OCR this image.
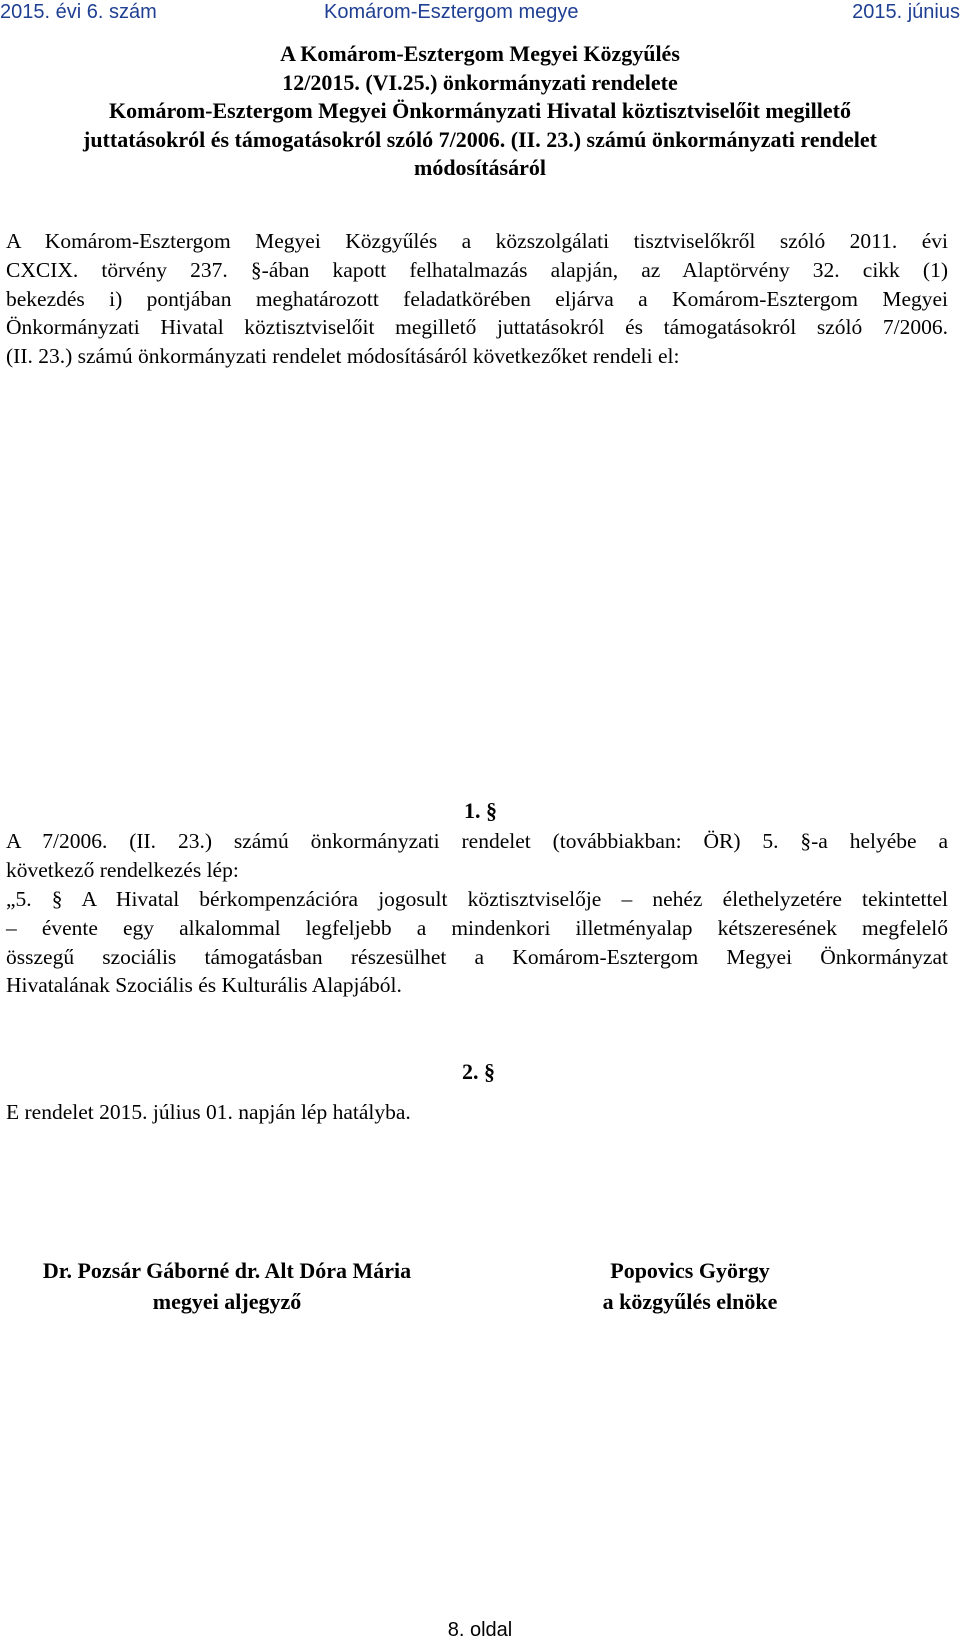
2015. évi 6. szám	Komárom-Esztergom megye	2015. június
A Komárom-Esztergom Megyei Közgyűlés
12/2015. (VI.25.) önkormányzati rendelete
Komárom-Esztergom Megyei Önkormányzati Hivatal köztisztviselőit megillető
juttatásokról és támogatásokról szóló 7/2006. (II. 23.) számú önkormányzati rendelet
módosításáról
A Komárom-Esztergom Megyei Közgyűlés a közszolgálati tisztviselőkről szóló 2011. évi
CXCIX. törvény 237. §-ában kapott felhatalmazás alapján, az Alaptörvény 32. cikk (1)
bekezdés i) pontjában meghatározott feladatkörében eljárva a Komárom-Esztergom Megyei
Önkormányzati Hivatal köztisztviselőit megillető juttatásokról és támogatásokról szóló 7/2006.
(II. 23.) számú önkormányzati rendelet módosításáról következőket rendeli el:
1. §
A 7/2006. (II. 23.) számú önkormányzati rendelet (továbbiakban: ÖR) 5. §-a helyébe a
következő rendelkezés lép:
„5. § A Hivatal bérkompenzációra jogosult köztisztviselője – nehéz élethelyzetére tekintettel
– évente egy alkalommal legfeljebb a mindenkori illetményalap kétszeresének megfelelő
összegű szociális támogatásban részesülhet a Komárom-Esztergom Megyei Önkormányzat
Hivatalának Szociális és Kulturális Alapjából.
2. §
E rendelet 2015. július 01. napján lép hatályba.
Dr. Pozsár Gáborné dr. Alt Dóra Mária
megyei aljegyző
Popovics György
a közgyűlés elnöke
8. oldal
